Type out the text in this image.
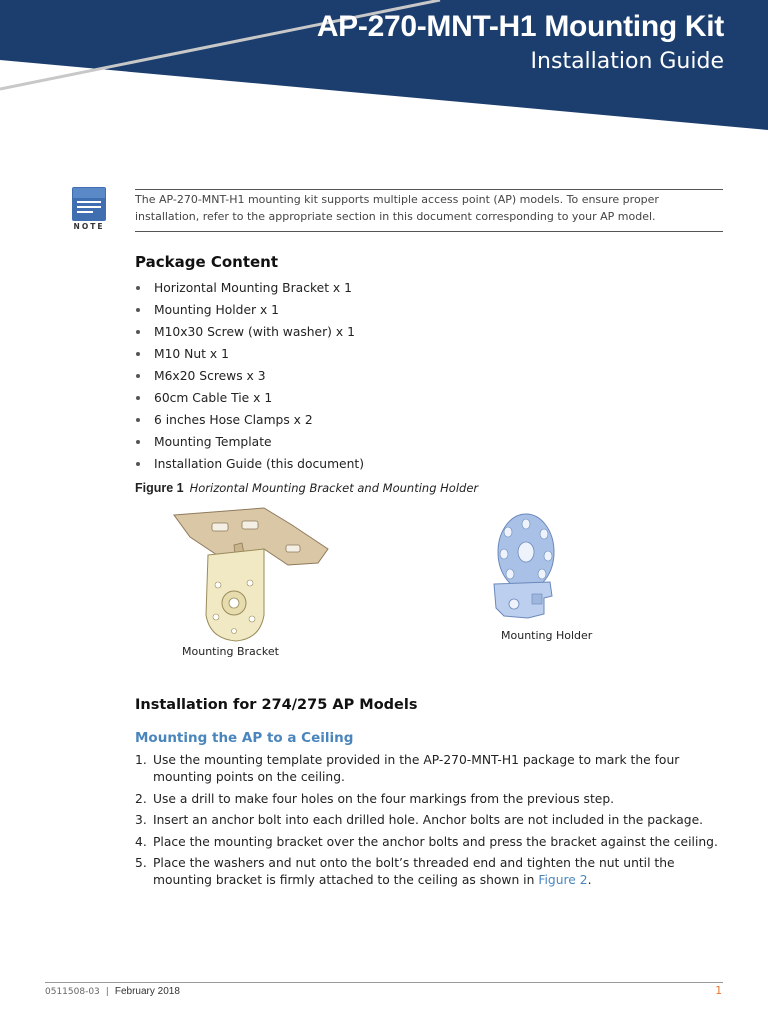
AP-270-MNT-H1 Mounting Kit
Installation Guide
NOTE
The AP-270-MNT-H1 mounting kit supports multiple access point (AP) models. To ensure proper installation, refer to the appropriate section in this document corresponding to your AP model.
Package Content
Horizontal Mounting Bracket x 1
Mounting Holder x 1
M10x30 Screw (with washer) x 1
M10 Nut x 1
M6x20 Screws x 3
60cm Cable Tie x 1
6 inches Hose Clamps x 2
Mounting Template
Installation Guide (this document)
Figure 1 Horizontal Mounting Bracket and Mounting Holder
Mounting Bracket
Mounting Holder
Installation for 274/275 AP Models
Mounting the AP to a Ceiling
1. Use the mounting template provided in the AP-270-MNT-H1 package to mark the four mounting points on the ceiling.
2. Use a drill to make four holes on the four markings from the previous step.
3. Insert an anchor bolt into each drilled hole. Anchor bolts are not included in the package.
4. Place the mounting bracket over the anchor bolts and press the bracket against the ceiling.
5. Place the washers and nut onto the bolt’s threaded end and tighten the nut until the mounting bracket is firmly attached to the ceiling as shown in Figure 2.
0511508-03 | February 2018	1
